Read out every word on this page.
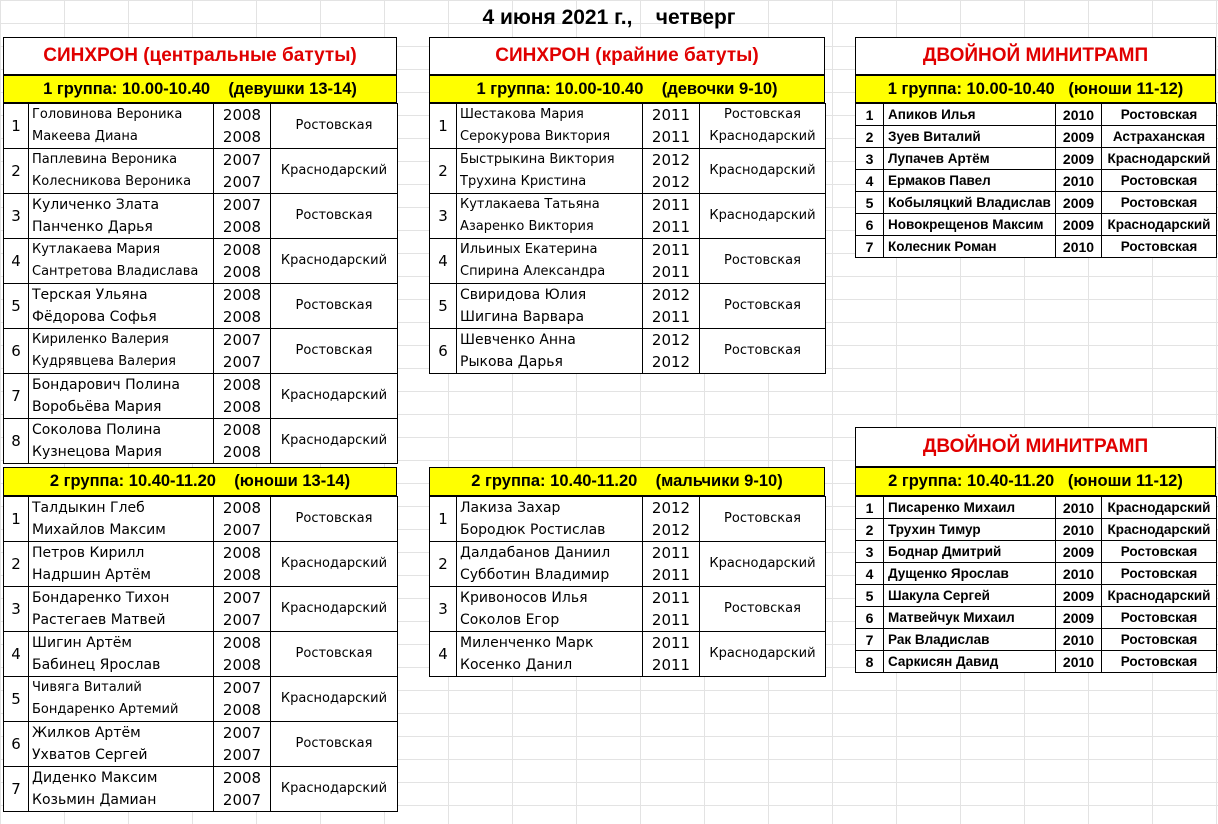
4 июня 2021 г.,    четверг
СИНХРОН (центральные батуты)
1 группа: 10.00-10.40    (девушки 13-14)
1	Головинова Вероника
Макеева Диана	2008
2008	Ростовская

2	Паплевина Вероника
Колесникова Вероника	2007
2007	Краснодарский

3	Куличенко Злата
Панченко Дарья	2007
2008	Ростовская

4	Кутлакаева Мария
Сантретова Владислава	2008
2008	Краснодарский

5	Терская Ульяна
Фёдорова Софья	2008
2008	Ростовская

6	Кириленко Валерия
Кудрявцева Валерия	2007
2007	Ростовская

7	Бондарович Полина
Воробьёва Мария	2008
2008	Краснодарский

8	Соколова Полина
Кузнецова Мария	2008
2008	Краснодарский
2 группа: 10.40-11.20    (юноши 13-14)
1	Талдыкин Глеб
Михайлов Максим	2008
2007	Ростовская

2	Петров Кирилл
Надршин Артём	2008
2008	Краснодарский

3	Бондаренко Тихон
Растегаев Матвей	2007
2007	Краснодарский

4	Шигин Артём
Бабинец Ярослав	2008
2008	Ростовская

5	Чивяга Виталий
Бондаренко Артемий	2007
2008	Краснодарский

6	Жилков Артём
Ухватов Сергей	2007
2007	Ростовская

7	Диденко Максим
Козьмин Дамиан	2008
2007	Краснодарский
СИНХРОН (крайние батуты)
1 группа: 10.00-10.40    (девочки 9-10)
1	Шестакова Мария
Серокурова Виктория	2011
2011	Ростовская
Краснодарский

2	Быстрыкина Виктория
Трухина Кристина	2012
2012	Краснодарский

3	Кутлакаева Татьяна
Азаренко Виктория	2011
2011	Краснодарский

4	Ильиных Екатерина
Спирина Александра	2011
2011	Ростовская

5	Свиридова Юлия
Шигина Варвара	2012
2011	Ростовская

6	Шевченко Анна
Рыкова Дарья	2012
2012	Ростовская
2 группа: 10.40-11.20    (мальчики 9-10)
1	Лакиза Захар
Бородюк Ростислав	2012
2012	Ростовская

2	Далдабанов Даниил
Субботин Владимир	2011
2011	Краснодарский

3	Кривоносов Илья
Соколов Егор	2011
2011	Ростовская

4	Миленченко Марк
Косенко Данил	2011
2011	Краснодарский
ДВОЙНОЙ МИНИТРАМП
1 группа: 10.00-10.40   (юноши 11-12)
1	Апиков Илья	2010	Ростовская
2	Зуев Виталий	2009	Астраханская
3	Лупачев Артём	2009	Краснодарский
4	Ермаков Павел	2010	Ростовская
5	Кобыляцкий Владислав	2009	Ростовская
6	Новокрещенов Максим	2009	Краснодарский
7	Колесник Роман	2010	Ростовская
ДВОЙНОЙ МИНИТРАМП
2 группа: 10.40-11.20   (юноши 11-12)
1	Писаренко Михаил	2010	Краснодарский
2	Трухин Тимур	2010	Краснодарский
3	Боднар Дмитрий	2009	Ростовская
4	Дущенко Ярослав	2010	Ростовская
5	Шакула Сергей	2009	Краснодарский
6	Матвейчук Михаил	2009	Ростовская
7	Рак Владислав	2010	Ростовская
8	Саркисян Давид	2010	Ростовская
